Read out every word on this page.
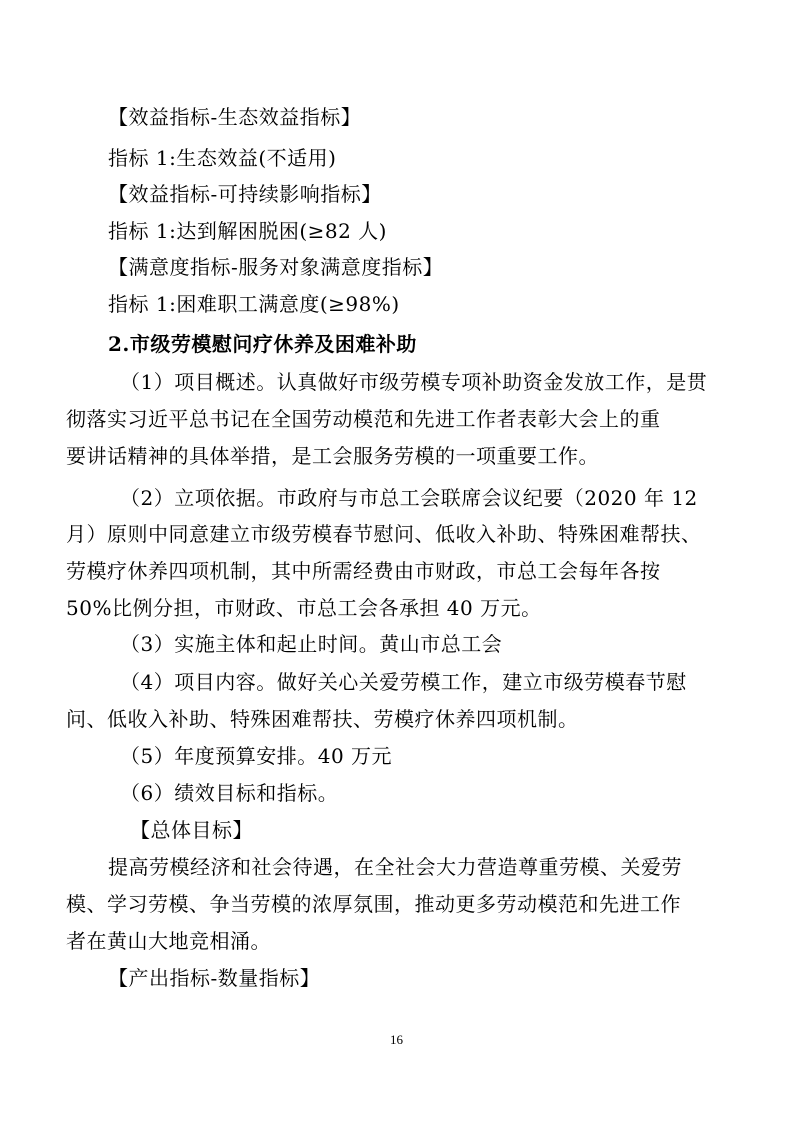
【效益指标-生态效益指标】
指标 1:生态效益(不适用)
【效益指标-可持续影响指标】
指标 1:达到解困脱困(≥82 人)
【满意度指标-服务对象满意度指标】
指标 1:困难职工满意度(≥98%)
2.市级劳模慰问疗休养及困难补助
（1）项目概述。认真做好市级劳模专项补助资金发放工作，是贯
彻落实习近平总书记在全国劳动模范和先进工作者表彰大会上的重
要讲话精神的具体举措，是工会服务劳模的一项重要工作。
（2）立项依据。市政府与市总工会联席会议纪要（2020 年 12
月）原则中同意建立市级劳模春节慰问、低收入补助、特殊困难帮扶、
劳模疗休养四项机制，其中所需经费由市财政，市总工会每年各按
50%比例分担，市财政、市总工会各承担 40 万元。
（3）实施主体和起止时间。黄山市总工会
（4）项目内容。做好关心关爱劳模工作，建立市级劳模春节慰
问、低收入补助、特殊困难帮扶、劳模疗休养四项机制。
（5）年度预算安排。40 万元
（6）绩效目标和指标。
【总体目标】
提高劳模经济和社会待遇，在全社会大力营造尊重劳模、关爱劳
模、学习劳模、争当劳模的浓厚氛围，推动更多劳动模范和先进工作
者在黄山大地竞相涌。
【产出指标-数量指标】
16
